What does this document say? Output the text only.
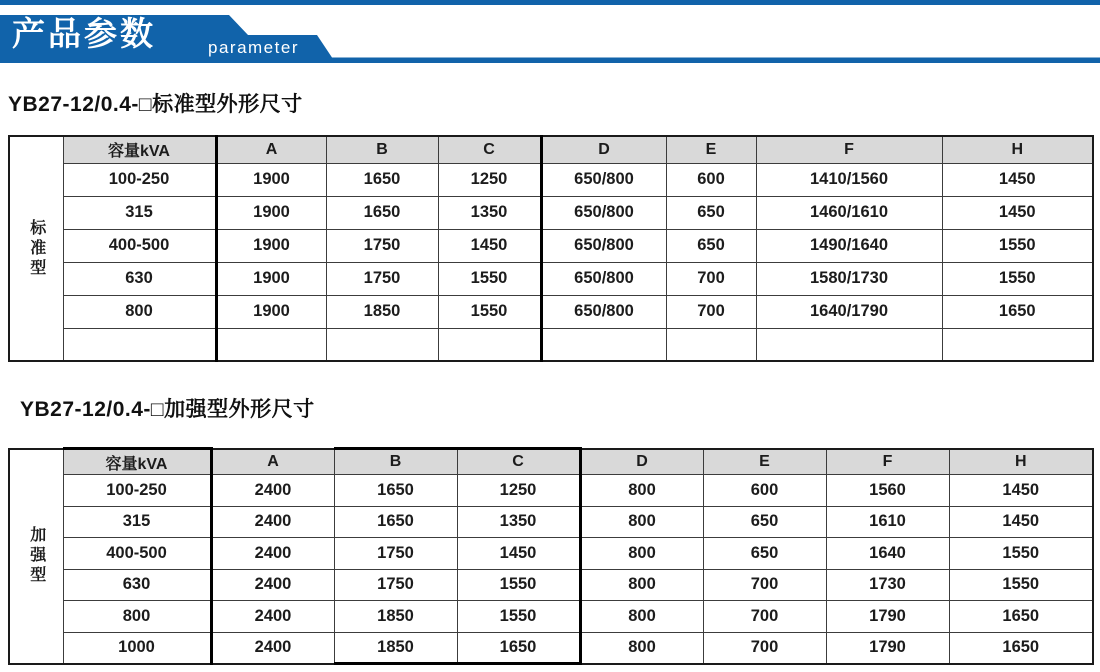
产品参数	parameter
YB27-12/0.4-□标准型外形尺寸
标准型	容量kVA	A	B	C	D	E	F	H
	100-250	1900	1650	1250	650/800	600	1410/1560	1450
	315	1900	1650	1350	650/800	650	1460/1610	1450
	400-500	1900	1750	1450	650/800	650	1490/1640	1550
	630	1900	1750	1550	650/800	700	1580/1730	1550
	800	1900	1850	1550	650/800	700	1640/1790	1650

YB27-12/0.4-□加强型外形尺寸
加强型	容量kVA	A	B	C	D	E	F	H
	100-250	2400	1650	1250	800	600	1560	1450
	315	2400	1650	1350	800	650	1610	1450
	400-500	2400	1750	1450	800	650	1640	1550
	630	2400	1750	1550	800	700	1730	1550
	800	2400	1850	1550	800	700	1790	1650
	1000	2400	1850	1650	800	700	1790	1650
